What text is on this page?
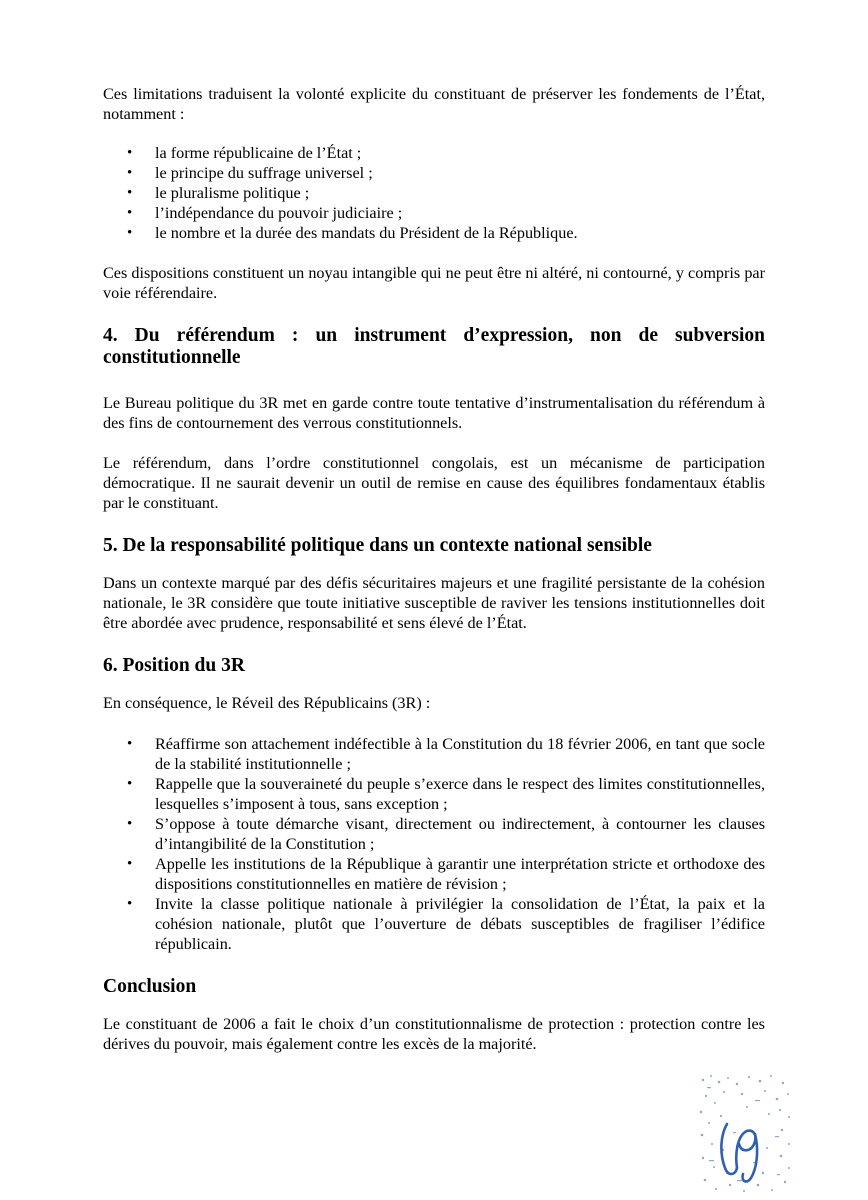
Ces limitations traduisent la volonté explicite du constituant de préserver les fondements de l’État, notamment :

• la forme républicaine de l’État ;
• le principe du suffrage universel ;
• le pluralisme politique ;
• l’indépendance du pouvoir judiciaire ;
• le nombre et la durée des mandats du Président de la République.

Ces dispositions constituent un noyau intangible qui ne peut être ni altéré, ni contourné, y compris par voie référendaire.

4. Du référendum : un instrument d’expression, non de subversion constitutionnelle

Le Bureau politique du 3R met en garde contre toute tentative d’instrumentalisation du référendum à des fins de contournement des verrous constitutionnels.

Le référendum, dans l’ordre constitutionnel congolais, est un mécanisme de participation démocratique. Il ne saurait devenir un outil de remise en cause des équilibres fondamentaux établis par le constituant.

5. De la responsabilité politique dans un contexte national sensible

Dans un contexte marqué par des défis sécuritaires majeurs et une fragilité persistante de la cohésion nationale, le 3R considère que toute initiative susceptible de raviver les tensions institutionnelles doit être abordée avec prudence, responsabilité et sens élevé de l’État.

6. Position du 3R

En conséquence, le Réveil des Républicains (3R) :

• Réaffirme son attachement indéfectible à la Constitution du 18 février 2006, en tant que socle de la stabilité institutionnelle ;
• Rappelle que la souveraineté du peuple s’exerce dans le respect des limites constitutionnelles, lesquelles s’imposent à tous, sans exception ;
• S’oppose à toute démarche visant, directement ou indirectement, à contourner les clauses d’intangibilité de la Constitution ;
• Appelle les institutions de la République à garantir une interprétation stricte et orthodoxe des dispositions constitutionnelles en matière de révision ;
• Invite la classe politique nationale à privilégier la consolidation de l’État, la paix et la cohésion nationale, plutôt que l’ouverture de débats susceptibles de fragiliser l’édifice républicain.
Conclusion

Le constituant de 2006 a fait le choix d’un constitutionnalisme de protection : protection contre les dérives du pouvoir, mais également contre les excès de la majorité.
